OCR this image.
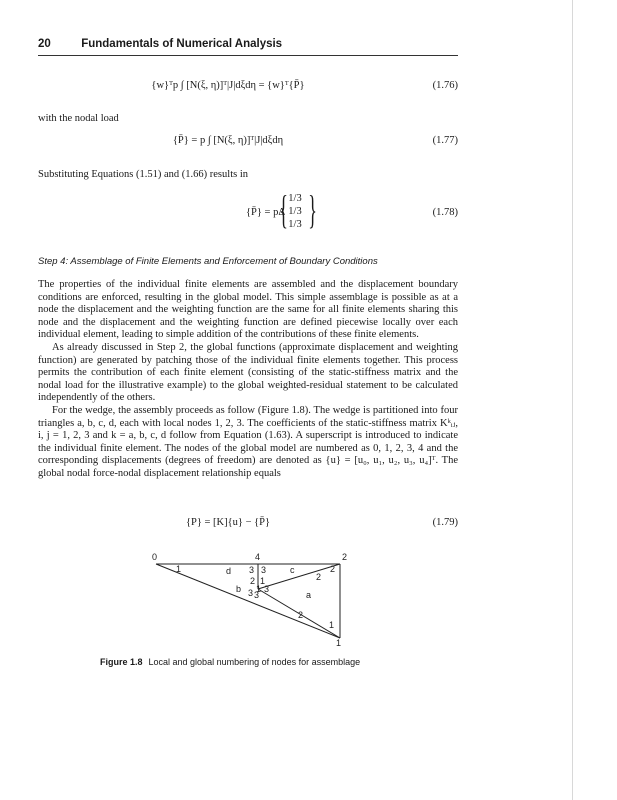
20	Fundamentals of Numerical Analysis
{w}ᵀp ∫ [N(ξ, η)]ᵀ|J|dξdη = {w}ᵀ{P̄}	(1.76)
with the nodal load
{P̄} = p ∫ [N(ξ, η)]ᵀ|J|dξdη	(1.77)
Substituting Equations (1.51) and (1.66) results in
{P̄} = pΔ
{ 1/3
1/3
1/3 }	(1.78)
Step 4: Assemblage of Finite Elements and Enforcement of Boundary Conditions

The properties of the individual finite elements are assembled and the displacement boundary conditions are enforced, resulting in the global model. This simple assemblage is possible as at a node the displacement and the weighting function are the same for all finite elements sharing this node and the displacement and the weighting function are defined piecewise locally over each individual element, leading to simple addition of the contributions of these finite elements.

As already discussed in Step 2, the global functions (approximate displacement and weighting function) are generated by patching those of the individual finite elements together. This process permits the contribution of each finite element (consisting of the static-stiffness matrix and the nodal load for the illustrative example) to the global weighted-residual statement to be calculated independently of the others.

For the wedge, the assembly proceeds as follow (Figure 1.8). The wedge is partitioned into four triangles a, b, c, d, each with local nodes 1, 2, 3. The coefficients of the static-stiffness matrix Kᵏᵢⱼ, i, j = 1, 2, 3 and k = a, b, c, d follow from Equation (1.63). A superscript is introduced to indicate the individual finite element. The nodes of the global model are numbered as 0, 1, 2, 3, 4 and the corresponding displacements (degrees of freedom) are denoted as {u} = [u₀, u₁, u₂, u₃, u₄]ᵀ. The global nodal force-nodal displacement relationship equals

{P} = [K]{u} − {P̄}	(1.79)
0	4	2
1
d	c
b
a
1	3 3	2
2 1
1
2
3 3
3
2
1
Figure 1.8 Local and global numbering of nodes for assemblage
